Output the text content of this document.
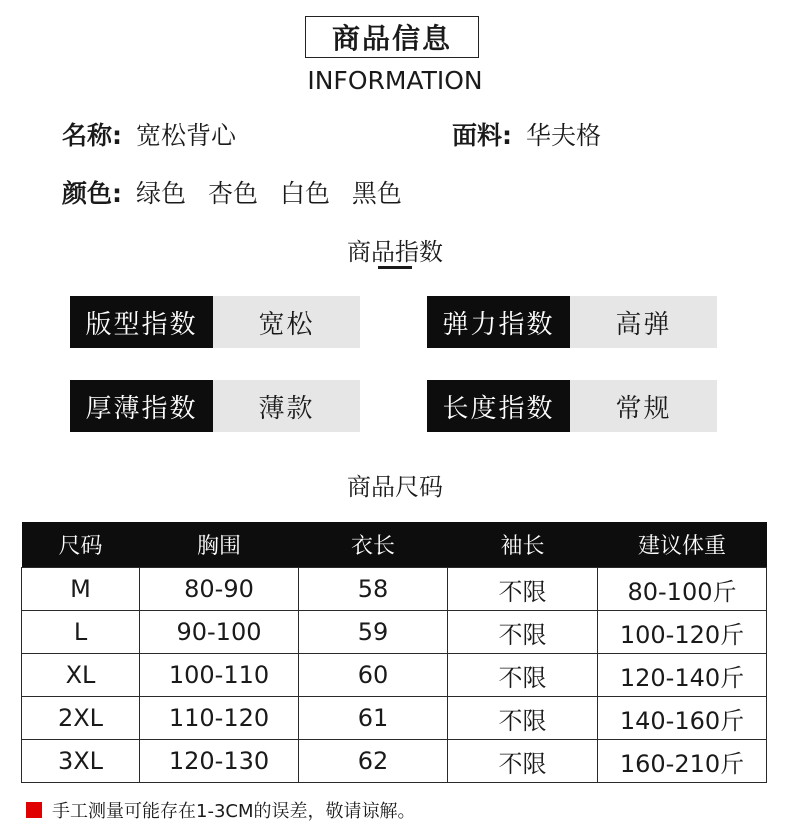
商品信息
INFORMATION
名称: 宽松背心	面料: 华夫格
颜色: 绿色 杏色 白色 黑色
商品指数
版型指数	宽松	弹力指数	高弹
厚薄指数	薄款	长度指数	常规
商品尺码
尺码	胸围	衣长	袖长	建议体重
M	80-90	58	不限	80-100斤
L	90-100	59	不限	100-120斤
XL	100-110	60	不限	120-140斤
2XL	110-120	61	不限	140-160斤
3XL	120-130	62	不限	160-210斤
手工测量可能存在1-3CM的误差，敬请谅解。
